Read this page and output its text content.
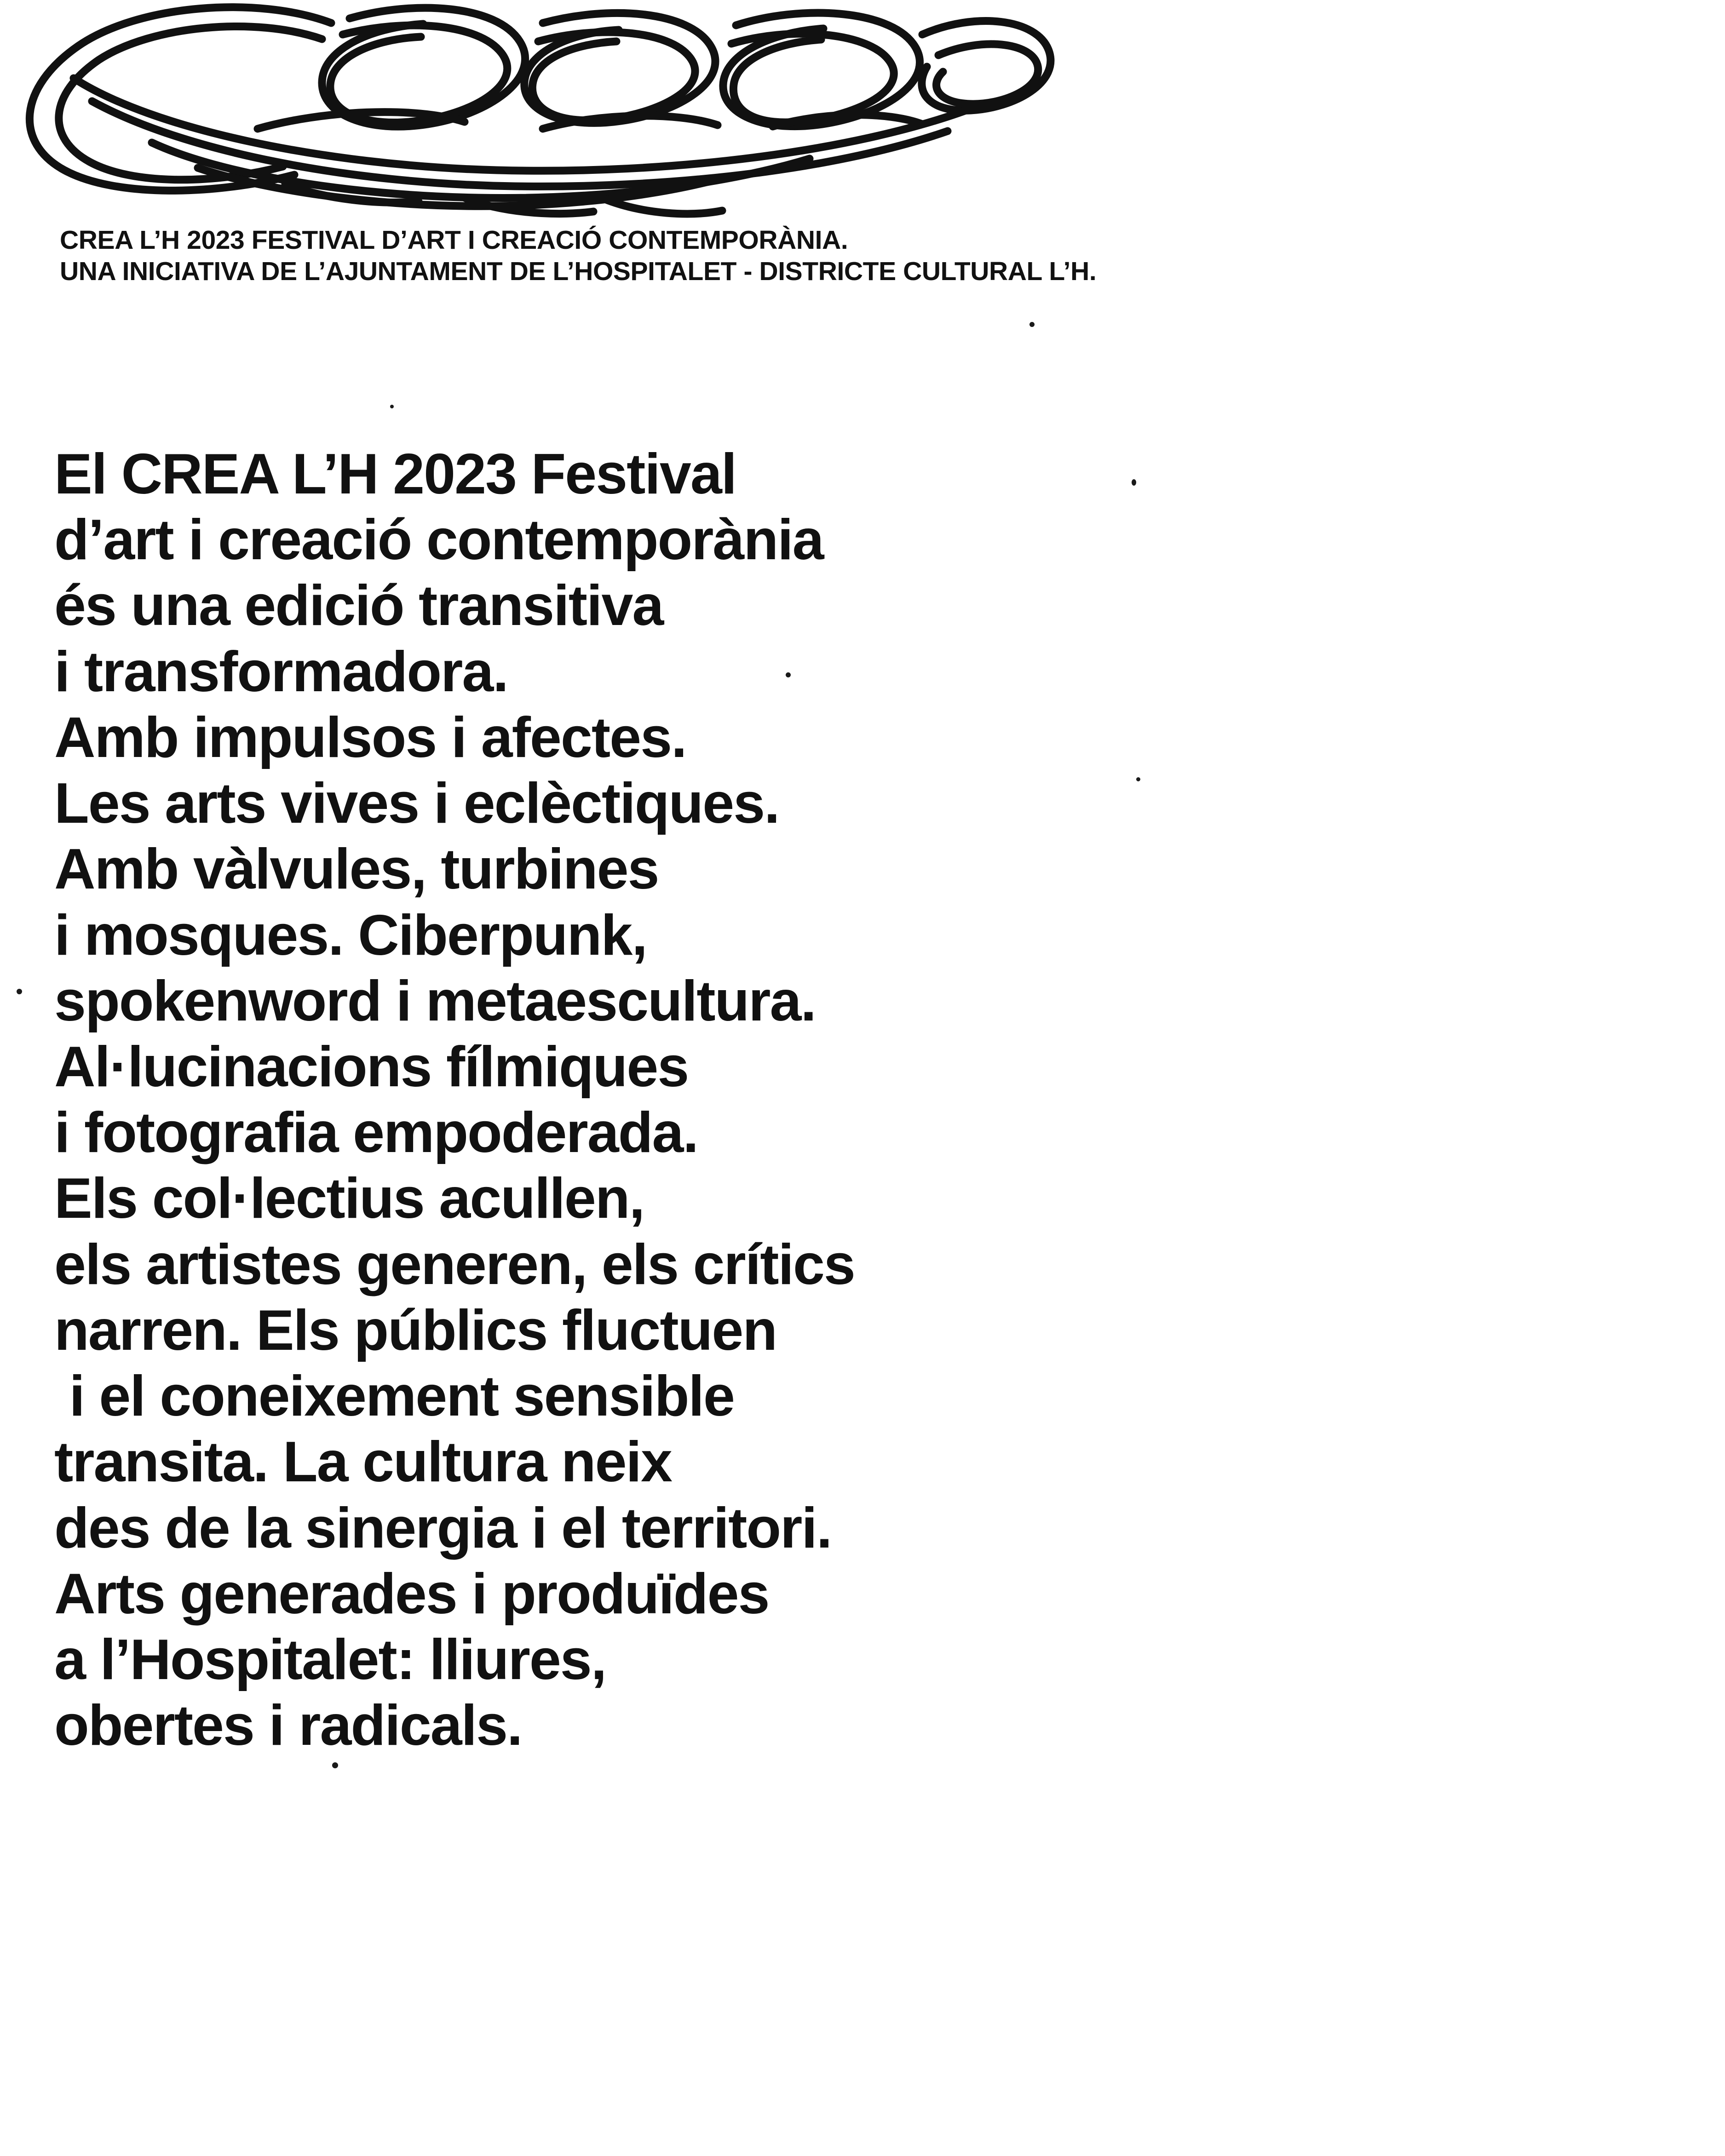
CREA L’H 2023 FESTIVAL D’ART I CREACIÓ CONTEMPORÀNIA.
UNA INICIATIVA DE L’AJUNTAMENT DE L’HOSPITALET - DISTRICTE CULTURAL L’H.
El CREA L’H 2023 Festival
d’art i creació contemporània
és una edició transitiva
i transformadora.
Amb impulsos i afectes.
Les arts vives i eclèctiques.
Amb vàlvules, turbines
i mosques. Ciberpunk,
spokenword i metaescultura.
Al·lucinacions fílmiques
i fotografia empoderada.
Els col·lectius acullen,
els artistes generen, els crítics
narren. Els públics fluctuen
i el coneixement sensible
transita. La cultura neix
des de la sinergia i el territori.
Arts generades i produïdes
a l’Hospitalet: lliures,
obertes i radicals.
